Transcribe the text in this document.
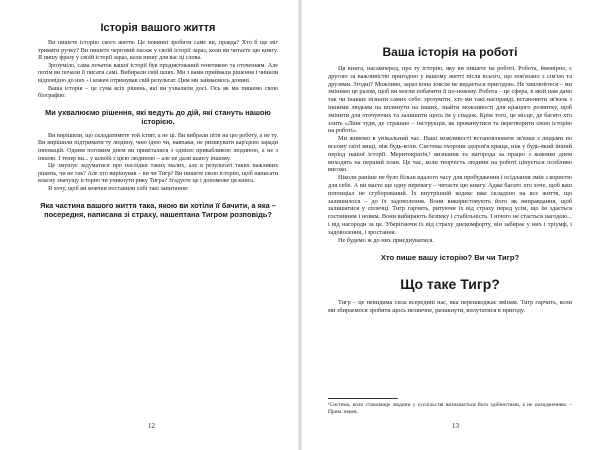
Історія вашого життя

Ви пишете історію свого життя. Це повинні зробити саме ви, правда? Хто б ще міг тримати ручку? Ви пишете черговий пасаж у своїй історії зараз, коли ви читаєте цю книгу. Я пишу фразу у своїй історії зараз, коли пишу для вас ці слова.

Зрозуміло, сама початок вашої історії був продиктований генетикою та оточенням. Але потім ви почали її писати самі. Вибирали свій шлях. Ми з вами приймали рішення і чинили відповідно до них - і кожен отримував свій результат. Цим ми займаємось донині.

Ваша історія – це сума всіх рішень, які ви ухвалили досі. Ось як ми пишемо свою біографію:

Ми ухвалюємо рішення, які ведуть до дій, які стануть нашою історією.

Ви вирішили, що складатимете той іспит, а не ці. Ви вибрали піти на цю роботу, а не ту. Ви вирішили підтримати ту людину, чию ідею чи, навпаки, не ризикувати кар'єрою заради інновацій. Одним погожим днем ви привіталися з однією привабливою людиною, а не з іншою. І тепер ви... у шлюбі з цією людиною – але не дали шансу іншому.

Це змушує задуматися про наслідки таких малих, але в результаті таких важливих рішень, чи не так? Але хто вирішував – ви чи Тигр? Ви пишете свою історію, щоб написати власну значущу історію чи уникнути рику Тигра? Згадуєте це і допоможе ця книга.

Я хочу, щоб ви мовчки поставили собі такі запитання:

Яка частина вашого життя така, якою ви хотіли її бачити, а яка – посередня, написана зі страху, нашептана Тигром розповідь?
12
Ваша історія на роботі

Ця книга, насамперед, про ту історію, яку ви пишете на роботі. Робота, ймовірно, є другою за важливістю пригодою у вашому житті після всього, що пов'язано з сім'єю та друзями. Згодні? Можливо, зараз вона зовсім не видається пригодою. Не хвилюйтеся – ми змінимо це разом, щоб ви могли побачити її по-новому. Робота – це сфера, в якій нам дано так чи інакше пізнати самих себе: зрозуміти, хто ми такі насправді, встановити зв'язок з іншими людьми на вплинути на інших, знайти можливості для кращого розвитку, щоб змінити для оточуючих та залишити щось їм у спадок. Крім того, це місце, де багато хто злить «Ліни туди, де страшно – інструкція, як прокинутися та перетворити свою історію на роботі».

Ми живемо в унікальний час. Наші можливості встановлювати зв'язки з людьми по всьому світі вищі, ніж будь-коли. Система охорони здоров'я краща, ніж у будь-який інший період нашої історії. Меритократія,¹ визнання та нагорода за працю з кожним днем виходять на перший план. Це час, коли творчість людини на роботі цінується особливо високо.

Ніколи раніше не було більш вдалого часу для пробудження і осідлання змін з користю для себе. А ви маєте ще одну перевагу – читаєте цю книгу. Адже багато хто хоче, щоб ваш потенціал не сгуборований. Їх внутрішній кодекс вже складено на все життя, що залишилося – до їх задоволення. Вони використовують його як виправдання, щоб залишатися у сплячці. Тигр гарчить, ритуючи їх від страху перед усім, що їм здається гостинним і новим. Вони вибирають безпеку і стабільність. І нічого не стається нагодою... і від нагороди за це. Уберігаючи їх від страху дискомфорту, він забирає у них і тріумф, і задоволення, і зростання.

Не будемо ж до них приєднуватися.

Хто пише вашу історію? Ви чи Тигр?
Що таке Тигр?

Тигр – це невидима сила всередині нас, яка перешкоджає змінам. Тигр гарчить, коли ми збираємося зробити щось незвичне, ризикнути, вплутатися в пригоду.

¹Система, коли становище людини у суспільстві визначається його здібностями, а не походженням. – Прим. перев.
13
